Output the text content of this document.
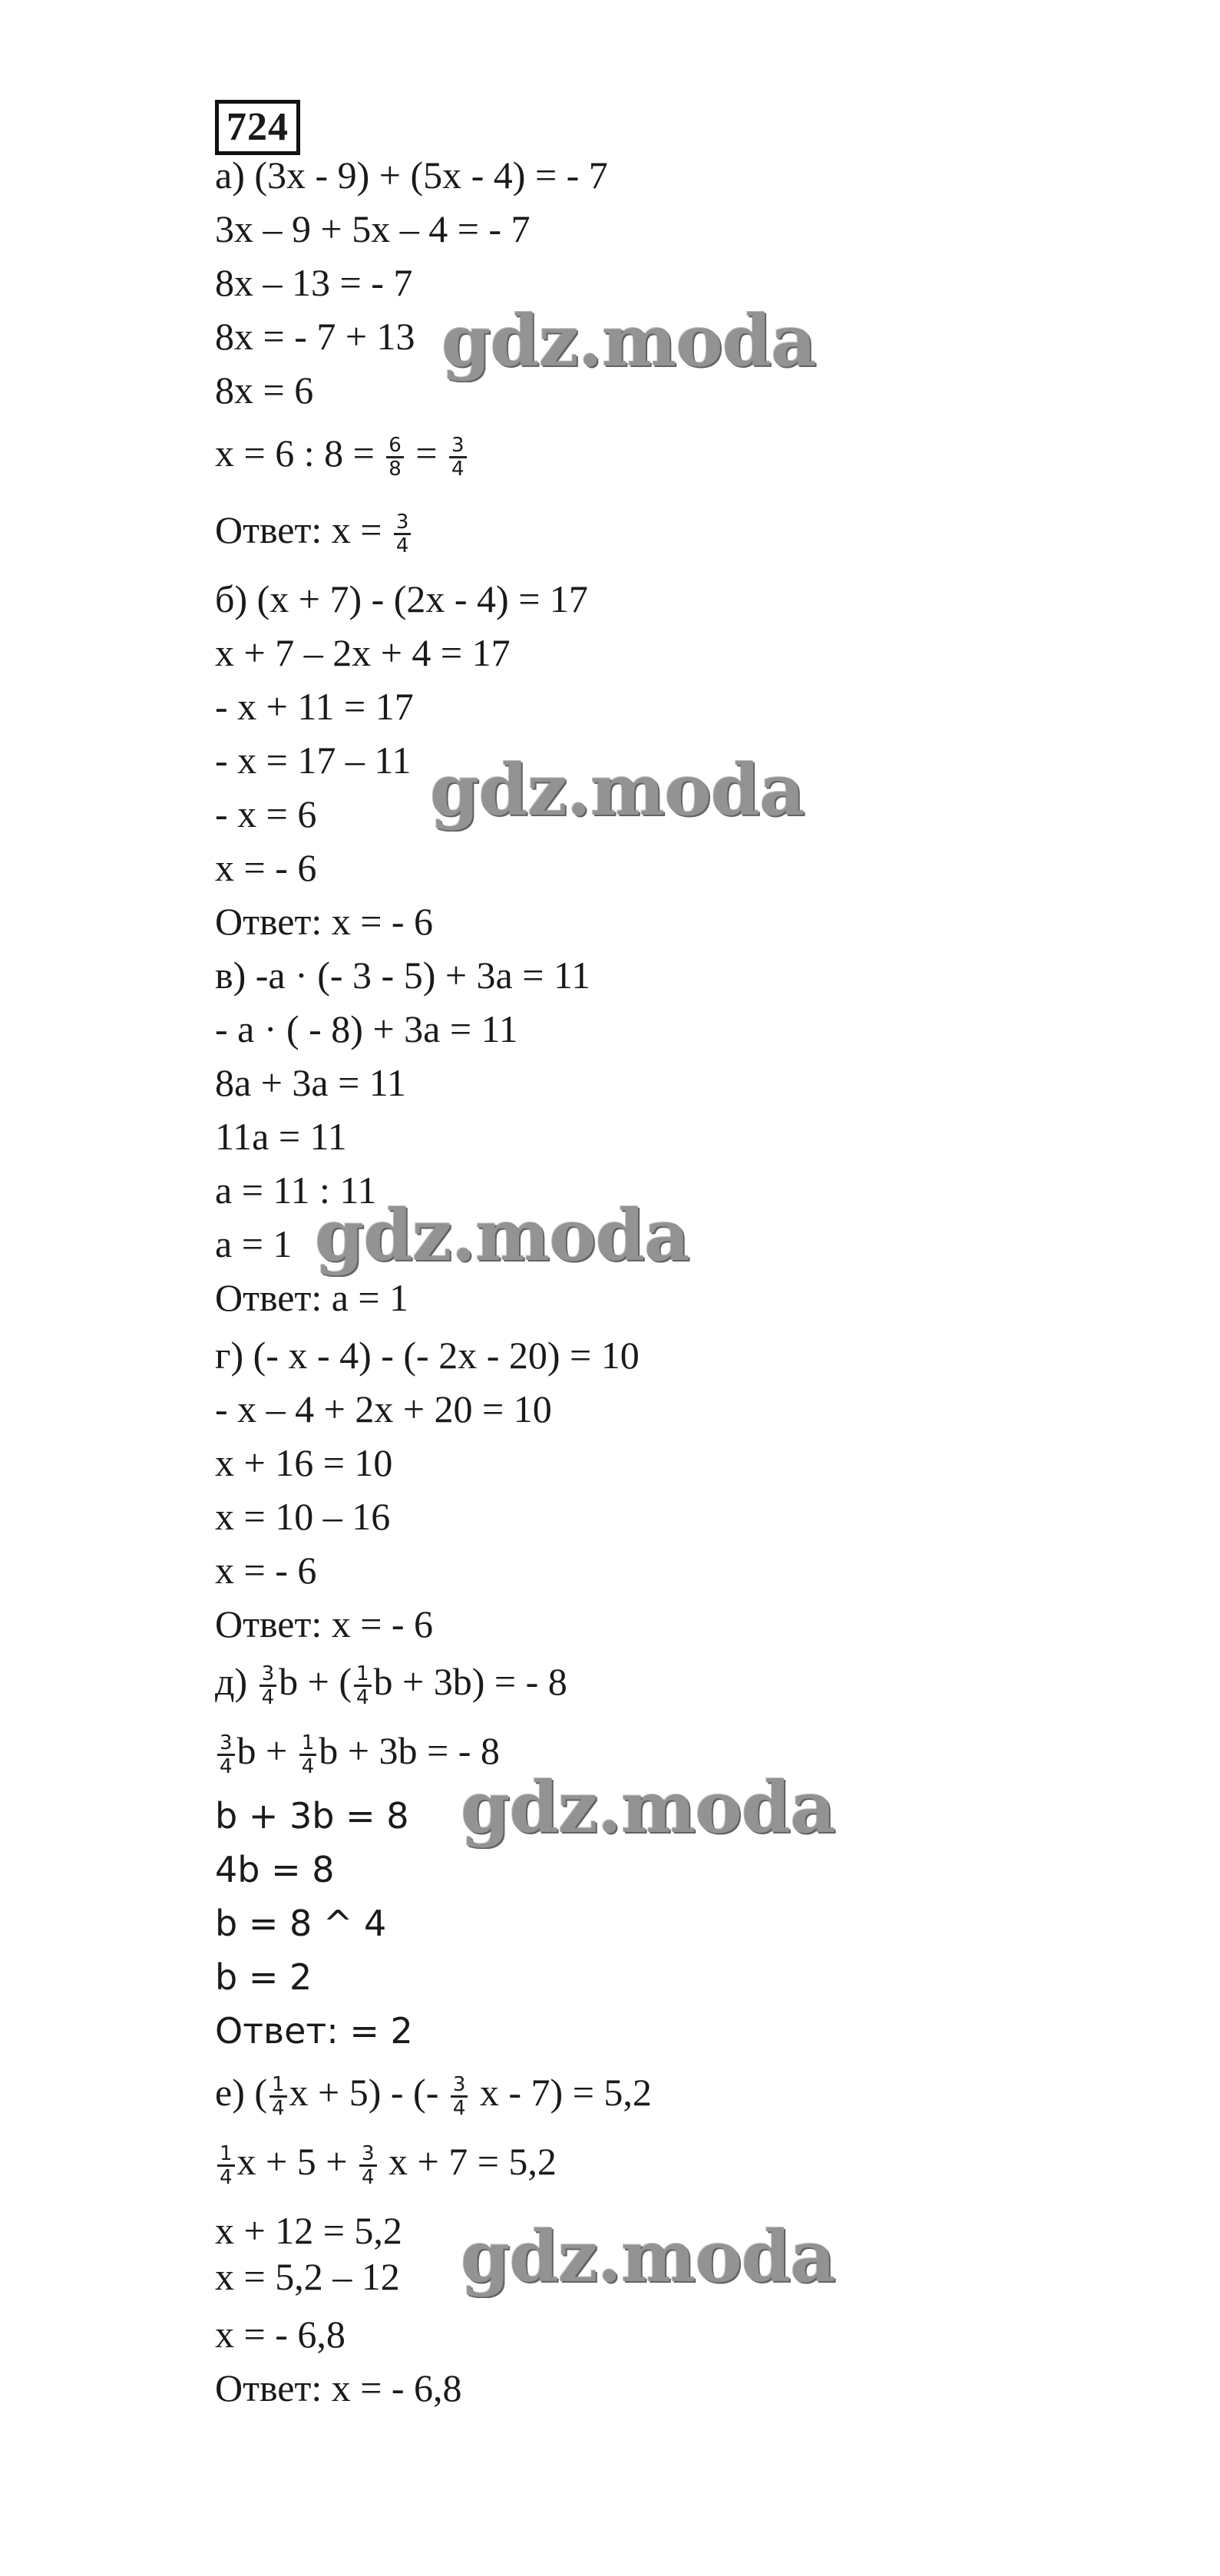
724
а) (3x - 9) + (5x - 4) = - 7
3x – 9 + 5x – 4 = - 7
8x – 13 = - 7
8x = - 7 + 13
8x = 6
x = 6 : $8 = \frac{6}{8} = \frac{3}{4}$
Ответ: $x = \frac{3}{4}$
б) (x + 7) - (2x - 4) = 17
x + 7 – 2x + 4 = 17
- x + 11 = 17
- x = 17 – 11
- x = 6
x = - 6
Ответ: x = - 6
в) -a · (- 3 - 5) + 3a = 11
- a · ( - 8) + 3a = 11
8a + 3a = 11
11a = 11
a = 11 : 11
a = 1
Ответ: a = 1
г) (- x - 4) - (- 2x - 20) = 10
- x – 4 + 2x + 20 = 10
x + 16 = 10
x = 10 – 16
x = - 6
Ответ: x = - 6
$д) \frac{3}{4}$ b + ( $\frac{1}{4}$ b + 3b) = - 8
$\frac{3}{4}$ $b + \frac{1}{4}$ b + 3b = - 8
b + 3b = 8
4b = 8
b = 8 ^ 4
b = 2
Ответ: = 2
е) ( $\frac{1}{4}$ x + 5) - (- $\frac{3}{4}$ x - 7) = 5,2
$\frac{1}{4}$ $x + 5 + \frac{3}{4}$ x + 7 = 5,2
x + 12 = 5,2
x = 5,2 – 12
x = - 6,8
Ответ: x = - 6,8
gdz.moda
gdz.moda
gdz.moda
gdz.moda
gdz.moda
